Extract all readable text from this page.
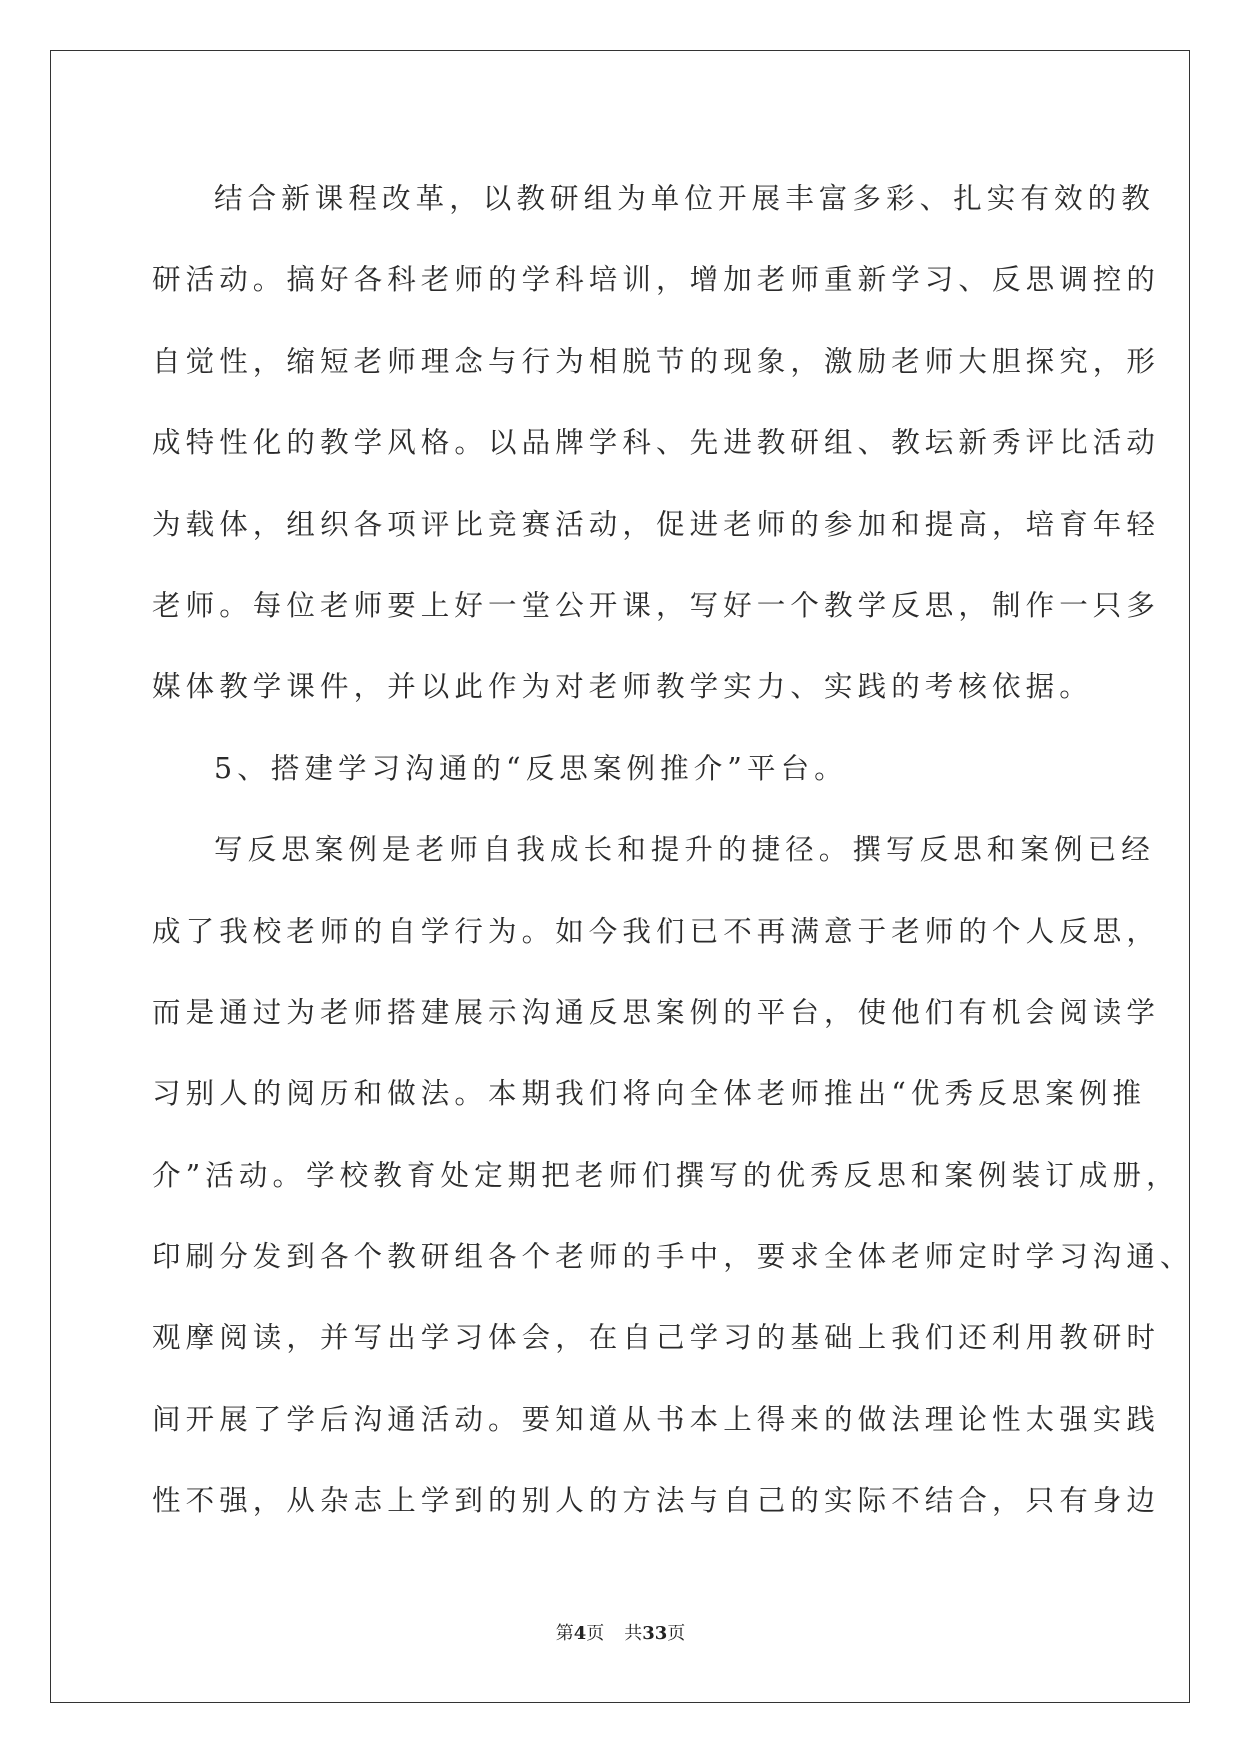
结合新课程改革，以教研组为单位开展丰富多彩、扎实有效的教
研活动。搞好各科老师的学科培训，增加老师重新学习、反思调控的
自觉性，缩短老师理念与行为相脱节的现象，激励老师大胆探究，形
成特性化的教学风格。以品牌学科、先进教研组、教坛新秀评比活动
为载体，组织各项评比竞赛活动，促进老师的参加和提高，培育年轻
老师。每位老师要上好一堂公开课，写好一个教学反思，制作一只多
媒体教学课件，并以此作为对老师教学实力、实践的考核依据。
5、搭建学习沟通的“反思案例推介”平台。
写反思案例是老师自我成长和提升的捷径。撰写反思和案例已经
成了我校老师的自学行为。如今我们已不再满意于老师的个人反思，
而是通过为老师搭建展示沟通反思案例的平台，使他们有机会阅读学
习别人的阅历和做法。本期我们将向全体老师推出“优秀反思案例推
介”活动。学校教育处定期把老师们撰写的优秀反思和案例装订成册，
印刷分发到各个教研组各个老师的手中，要求全体老师定时学习沟通、
观摩阅读，并写出学习体会，在自己学习的基础上我们还利用教研时
间开展了学后沟通活动。要知道从书本上得来的做法理论性太强实践
性不强，从杂志上学到的别人的方法与自己的实际不结合，只有身边
第4页 共33页
